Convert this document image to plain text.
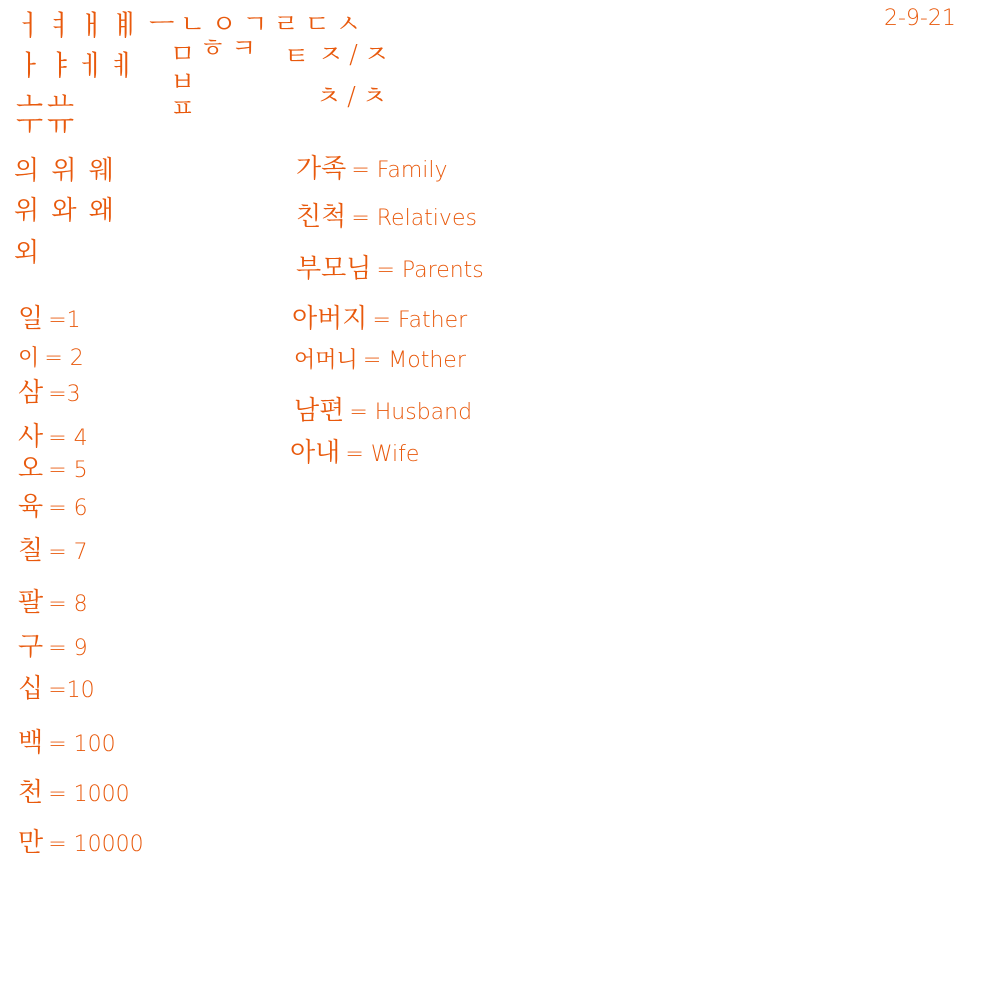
2-9-21
ㅓㅕㅐㅒ
ㅏㅑㅔㅖ
ㅗㅛ
ㅜㅠ
ㅣㅡㄴㅇㄱㄹㄷㅅ
ㅁ
ㅂ
ㅍ
ㅎㅋ ㅌ ㅈ/ㅈ
ㅊ/ㅊ
의 위 웨
위 와 왜
외
일 =1
이 = 2
삼 =3
사 = 4
오 = 5
육 = 6
칠 = 7
팔 = 8
구 = 9
십 =10
백 = 100
천 = 1000
만 = 10000
가족 = Family
친척 = Relatives
부모님 = Parents
아버지 = Father
어머니 = Mother
남편 = Husband
아내 = Wife
